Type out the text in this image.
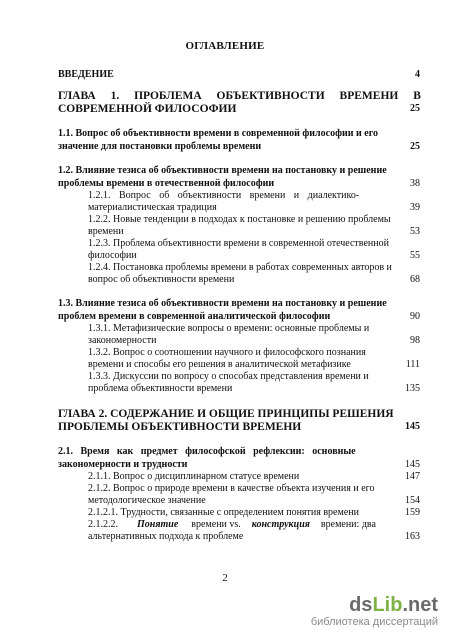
ОГЛАВЛЕНИЕ
ВВЕДЕНИЕ	4
ГЛАВА 1. ПРОБЛЕМА ОБЪЕКТИВНОСТИ ВРЕМЕНИ В
СОВРЕМЕННОЙ ФИЛОСОФИИ	25
1.1. Вопрос об объективности времени в современной философии и его
значение для постановки проблемы времени	25
1.2. Влияние тезиса об объективности времени на постановку и решение
проблемы времени в отечественной философии	38
1.2.1. Вопрос об объективности времени и диалектико-
материалистическая традиция	39
1.2.2. Новые тенденции в подходах к постановке и решению проблемы
времени	53
1.2.3. Проблема объективности времени в современной отечественной
философии	55
1.2.4. Постановка проблемы времени в работах современных авторов и
вопрос об объективности времени	68
1.3. Влияние тезиса об объективности времени на постановку и решение
проблем времени в современной аналитической философии	90
1.3.1. Метафизические вопросы о времени: основные проблемы и
закономерности	98
1.3.2. Вопрос о соотношении научного и философского познания
времени и способы его решения в аналитической метафизике	111
1.3.3. Дискуссии по вопросу о способах представления времени и
проблема объективности времени	135
ГЛАВА 2. СОДЕРЖАНИЕ И ОБЩИЕ ПРИНЦИПЫ РЕШЕНИЯ
ПРОБЛЕМЫ ОБЪЕКТИВНОСТИ ВРЕМЕНИ	145
2.1. Время как предмет философской рефлексии: основные
закономерности и трудности	145
2.1.1. Вопрос о дисциплинарном статусе времени	147
2.1.2. Вопрос о природе времени в качестве объекта изучения и его
методологическое значение	154
2.1.2.1. Трудности, связанные с определением понятия времени	159
2.1.2.2. Понятие времени vs. конструкция времени: два
альтернативных подхода к проблеме	163
2
dsLib.net
библиотека диссертаций
